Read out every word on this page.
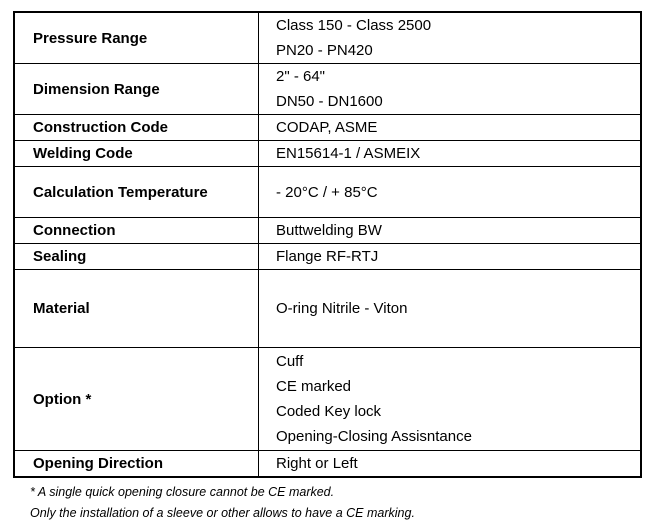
Pressure Range	Class 150 - Class 2500
PN20 - PN420

Dimension Range	2" - 64"
DN50 - DN1600

Construction Code	CODAP, ASME

Welding Code	EN15614-1 / ASMEIX

Calculation Temperature	- 20°C / + 85°C

Connection	Buttwelding BW

Sealing	Flange RF-RTJ

Material	O-ring Nitrile - Viton

Option *	Cuff
CE marked
Coded Key lock
Opening-Closing Assisntance

Opening Direction	Right or Left
* A single quick opening closure cannot be CE marked.
Only the installation of a sleeve or other allows to have a CE marking.
